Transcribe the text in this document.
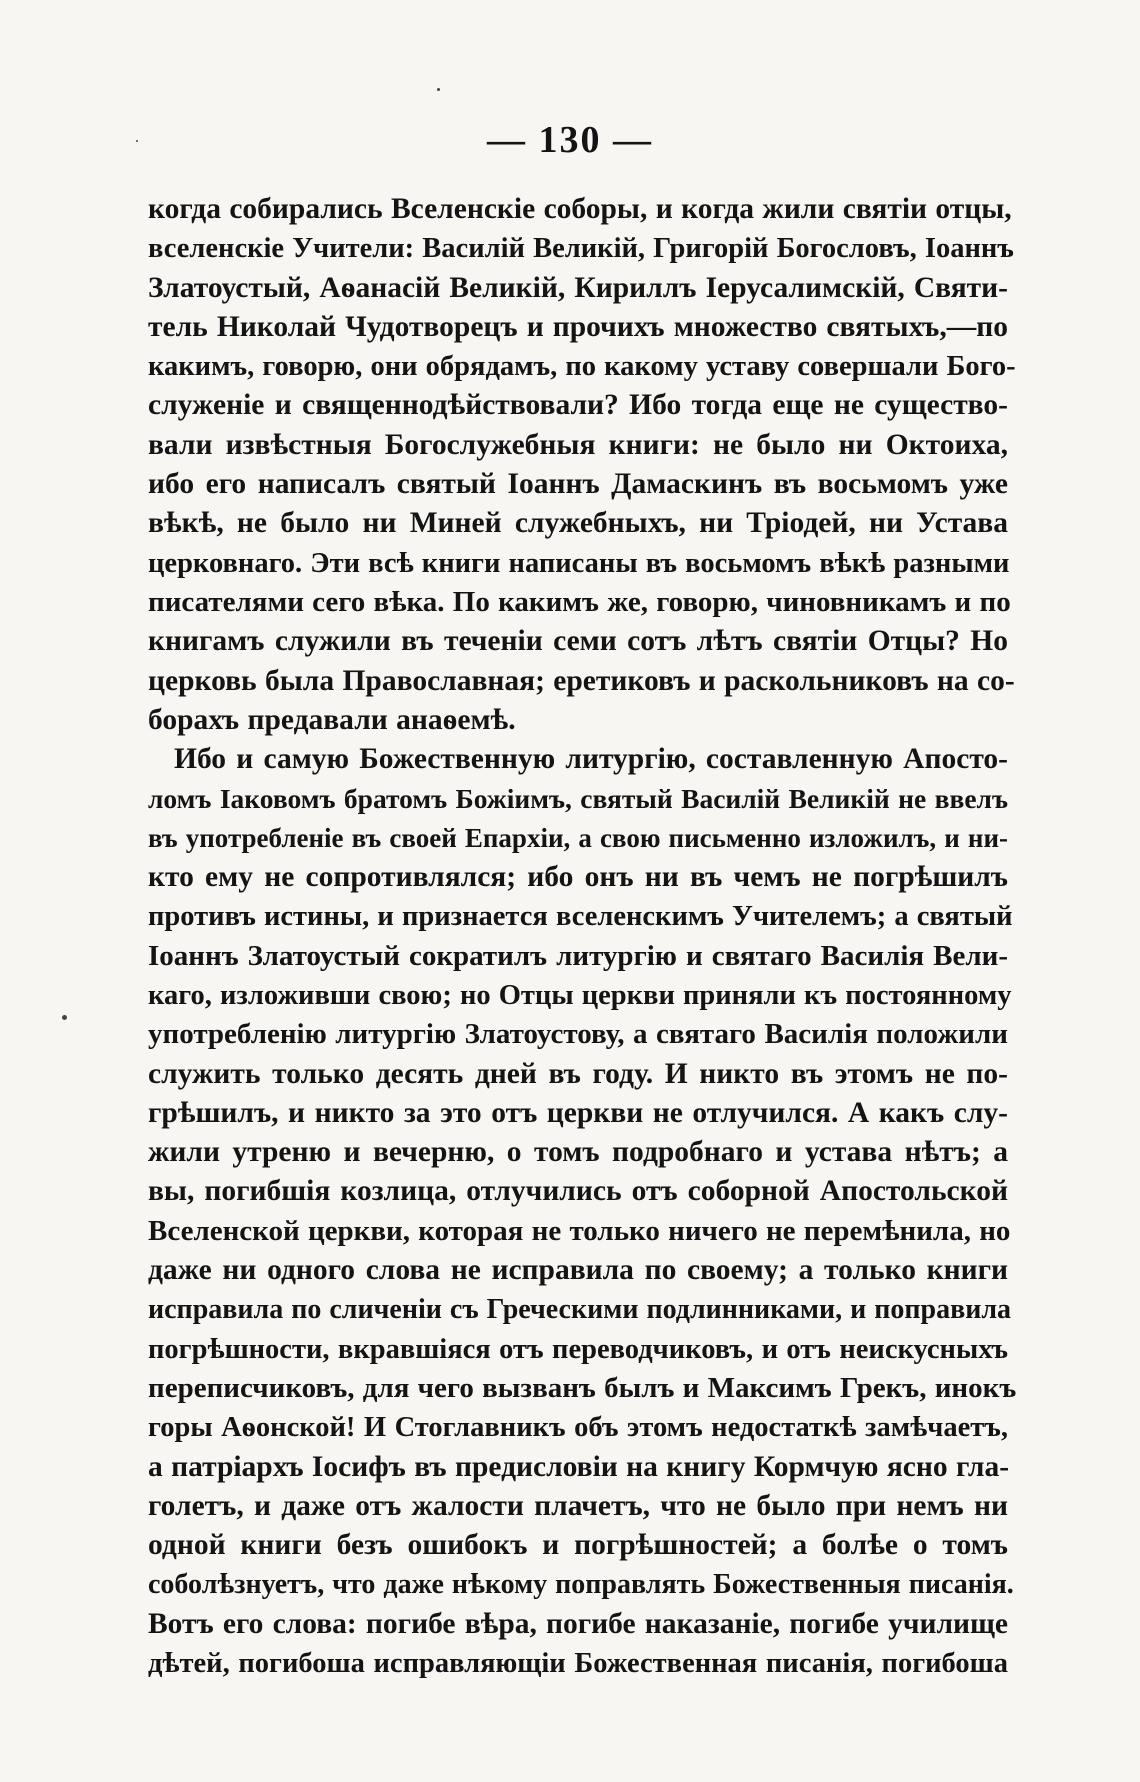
— 130 —
когда собирались Вселенскіе соборы, и когда жили святіи отцы,
вселенскіе Учители: Василій Великій, Григорій Богословъ, Іоаннъ
Златоустый, Аѳанасій Великій, Кириллъ Іерусалимскій, Святи-
тель Николай Чудотворецъ и прочихъ множество святыхъ,—по
какимъ, говорю, они обрядамъ, по какому уставу совершали Бого-
служеніе и священнодѣйствовали? Ибо тогда еще не существо-
вали извѣстныя Богослужебныя книги: не было ни Октоиха,
ибо его написалъ святый Іоаннъ Дамаскинъ въ восьмомъ уже
вѣкѣ, не было ни Миней служебныхъ, ни Тріодей, ни Устава
церковнаго. Эти всѣ книги написаны въ восьмомъ вѣкѣ разными
писателями сего вѣка. По какимъ же, говорю, чиновникамъ и по
книгамъ служили въ теченіи семи сотъ лѣтъ святіи Отцы? Но
церковь была Православная; еретиковъ и раскольниковъ на со-
борахъ предавали анаѳемѣ.
Ибо и самую Божественную литургію, составленную Апосто-
ломъ Іаковомъ братомъ Божіимъ, святый Василій Великій не ввелъ
въ употребленіе въ своей Епархіи, а свою письменно изложилъ, и ни-
кто ему не сопротивлялся; ибо онъ ни въ чемъ не погрѣшилъ
противъ истины, и признается вселенскимъ Учителемъ; а святый
Іоаннъ Златоустый сократилъ литургію и святаго Василія Вели-
каго, изложивши свою; но Отцы церкви приняли къ постоянному
употребленію литургію Златоустову, а святаго Василія положили
служить только десять дней въ году. И никто въ этомъ не по-
грѣшилъ, и никто за это отъ церкви не отлучился. А какъ слу-
жили утреню и вечерню, о томъ подробнаго и устава нѣтъ; а
вы, погибшія козлица, отлучились отъ соборной Апостольской
Вселенской церкви, которая не только ничего не перемѣнила, но
даже ни одного слова не исправила по своему; а только книги
исправила по сличеніи съ Греческими подлинниками, и поправила
погрѣшности, вкравшіяся отъ переводчиковъ, и отъ неискусныхъ
переписчиковъ, для чего вызванъ былъ и Максимъ Грекъ, инокъ
горы Аѳонской! И Стоглавникъ объ этомъ недостаткѣ замѣчаетъ,
а патріархъ Іосифъ въ предисловіи на книгу Кормчую ясно гла-
голетъ, и даже отъ жалости плачетъ, что не было при немъ ни
одной книги безъ ошибокъ и погрѣшностей; а болѣе о томъ
соболѣзнуетъ, что даже нѣкому поправлять Божественныя писанія.
Вотъ его слова: погибе вѣра, погибе наказаніе, погибе училище
дѣтей, погибоша исправляющіи Божественная писанія, погибоша
